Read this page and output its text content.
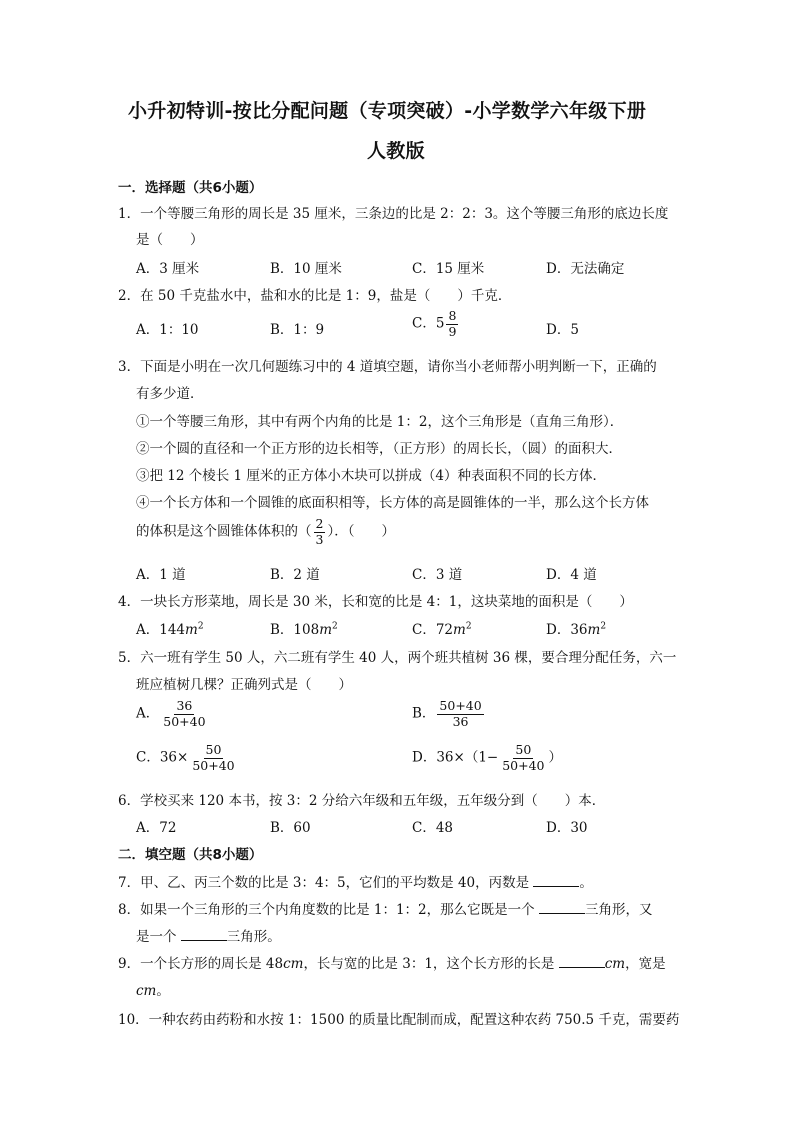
小升初特训-按比分配问题（专项突破）-小学数学六年级下册
人教版
一．选择题（共6小题）
1．一个等腰三角形的周长是 35 厘米，三条边的比是 2：2：3。这个等腰三角形的底边长度
是（　　）
A．3 厘米	B．10 厘米	C．15 厘米	D．无法确定
2．在 50 千克盐水中，盐和水的比是 1：9，盐是（　　）千克．
A．1：10	B．1：9	C．$5 \frac{8}{9}$	D．5
3．下面是小明在一次几何题练习中的 4 道填空题，请你当小老师帮小明判断一下，正确的
有多少道．
①一个等腰三角形，其中有两个内角的比是 1：2，这个三角形是（直角三角形）．
②一个圆的直径和一个正方形的边长相等，（正方形）的周长长，（圆）的面积大．
③把 12 个棱长 1 厘米的正方体小木块可以拼成（4）种表面积不同的长方体．
④一个长方体和一个圆锥的底面积相等，长方体的高是圆锥体的一半，那么这个长方体
的体积是这个圆锥体体积的（ $\frac{2}{3}$ ）．（　　）
A．1 道	B．2 道	C．3 道	D．4 道
4．一块长方形菜地，周长是 30 米，长和宽的比是 4：1，这块菜地的面积是（　　）
A．$144m^2$	B．$108m^2$	C．$72m^2$	D．$36m^2$
5．六一班有学生 50 人，六二班有学生 40 人，两个班共植树 36 棵，要合理分配任务，六一
班应植树几棵？正确列式是（　　）
A． $\frac{36}{50+40}$	B． $\frac{50+40}{36}$
C．$36\times \frac{50}{50+40}$	D．$36\times(1- \frac{50}{50+40}$ ）
6．学校买来 120 本书，按 3：2 分给六年级和五年级，五年级分到（　　）本．
A．72	B．60	C．48	D．30
二．填空题（共8小题）
7．甲、乙、丙三个数的比是 3：4：5，它们的平均数是 40，丙数是	。
8．如果一个三角形的三个内角度数的比是 1：1：2，那么它既是一个	三角形，又
是一个	三角形。
9．一个长方形的周长是 48cm，长与宽的比是 3：1，这个长方形的长是	cm，宽是
cm。
10．一种农药由药粉和水按 1：1500 的质量比配制而成，配置这种农药 750.5 千克，需要药
